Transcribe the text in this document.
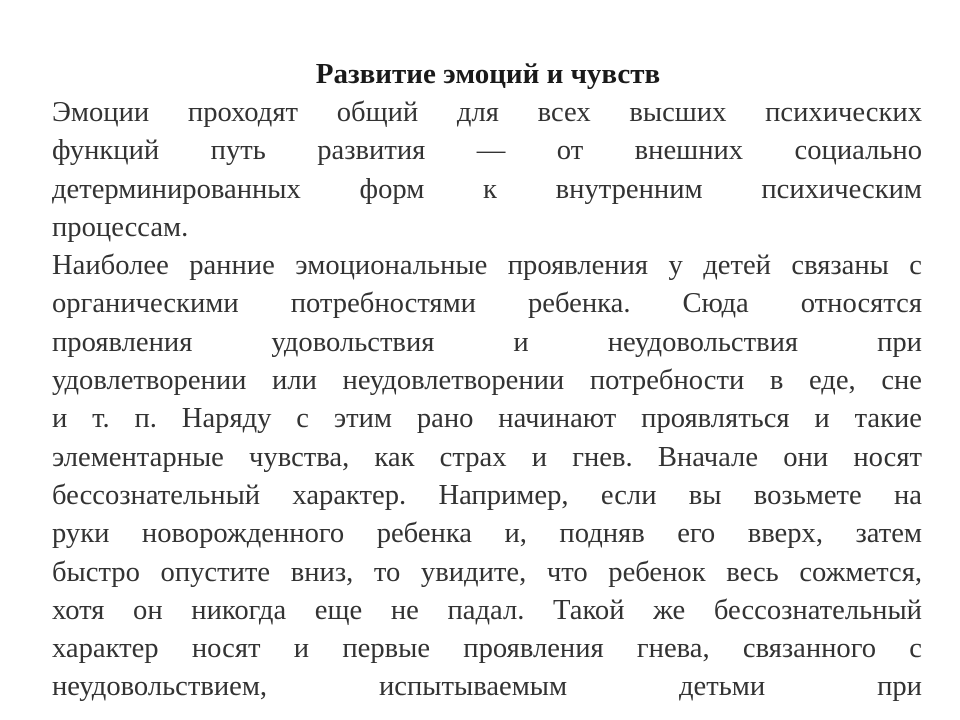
Развитие эмоций и чувств
Эмоции проходят общий для всех высших психических
функций путь развития — от внешних социально
детерминированных форм к внутренним психическим
процессам.
Наиболее ранние эмоциональные проявления у детей связаны с
органическими потребностями ребенка. Сюда относятся
проявления удовольствия и неудовольствия при
удовлетворении или неудовлетворении потребности в еде, сне
и т. п. Наряду с этим рано начинают проявляться и такие
элементарные чувства, как страх и гнев. Вначале они носят
бессознательный характер. Например, если вы возьмете на
руки новорожденного ребенка и, подняв его вверх, затем
быстро опустите вниз, то увидите, что ребенок весь сожмется,
хотя он никогда еще не падал. Такой же бессознательный
характер носят и первые проявления гнева, связанного с
неудовольствием, испытываемым детьми при
